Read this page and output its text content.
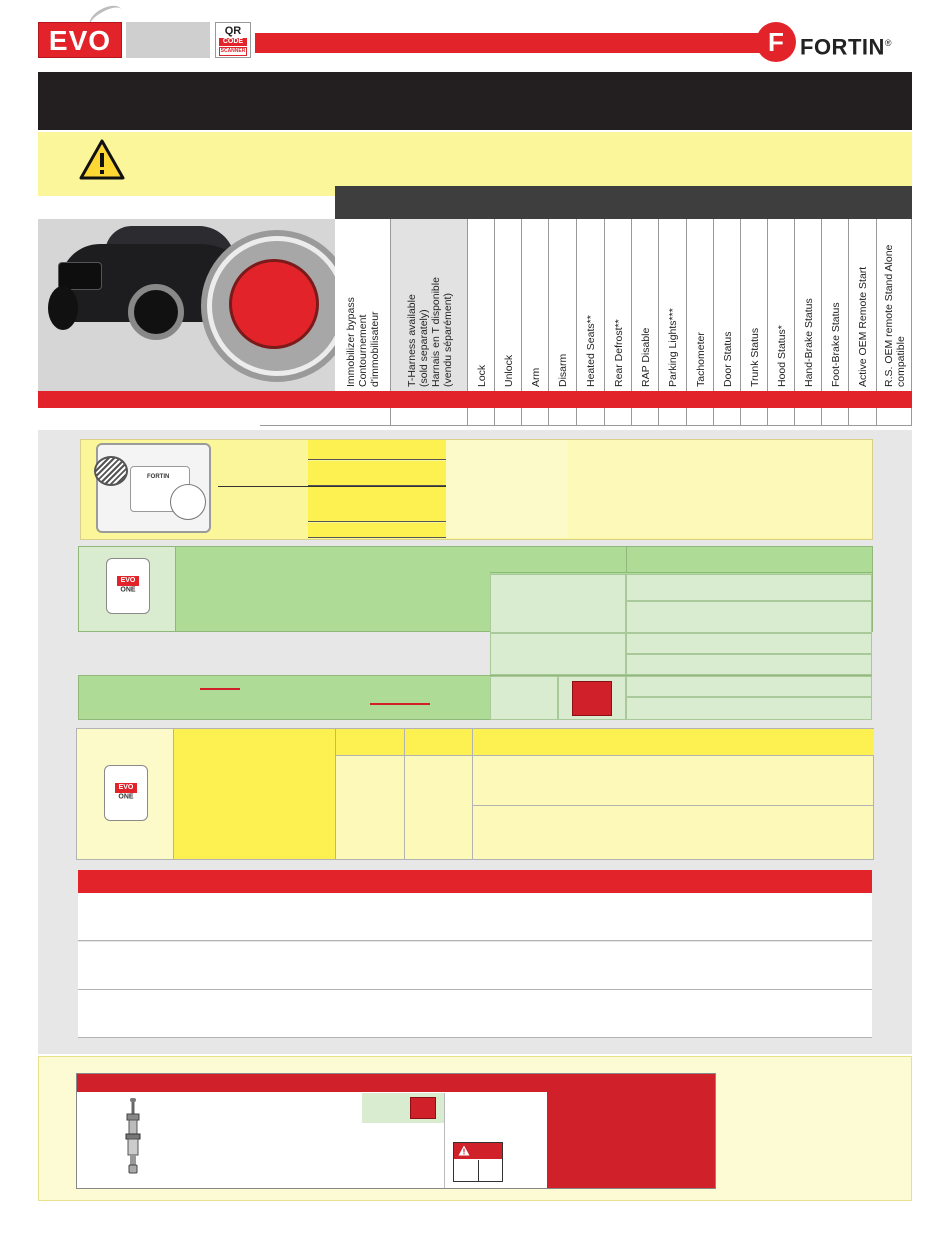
EVO	QR
CODE
SCANNER	F FORTIN®
Immobilizer bypass
Contournement
d'immobilisateur T-Harness available
(sold separately)
Harnais en T disponible
(vendu séparément)
Lock Unlock Arm Disarm Heated Seats** Rear Defrost** RAP Disable Parking Lights*** Tachometer Door Status Trunk Status Hood Status* Hand-Brake Status Foot-Brake Status Active OEM Remote Start R.S. OEM remote Stand Alone
compatible
FORTIN
EVO
ONE
EVO
ONE
